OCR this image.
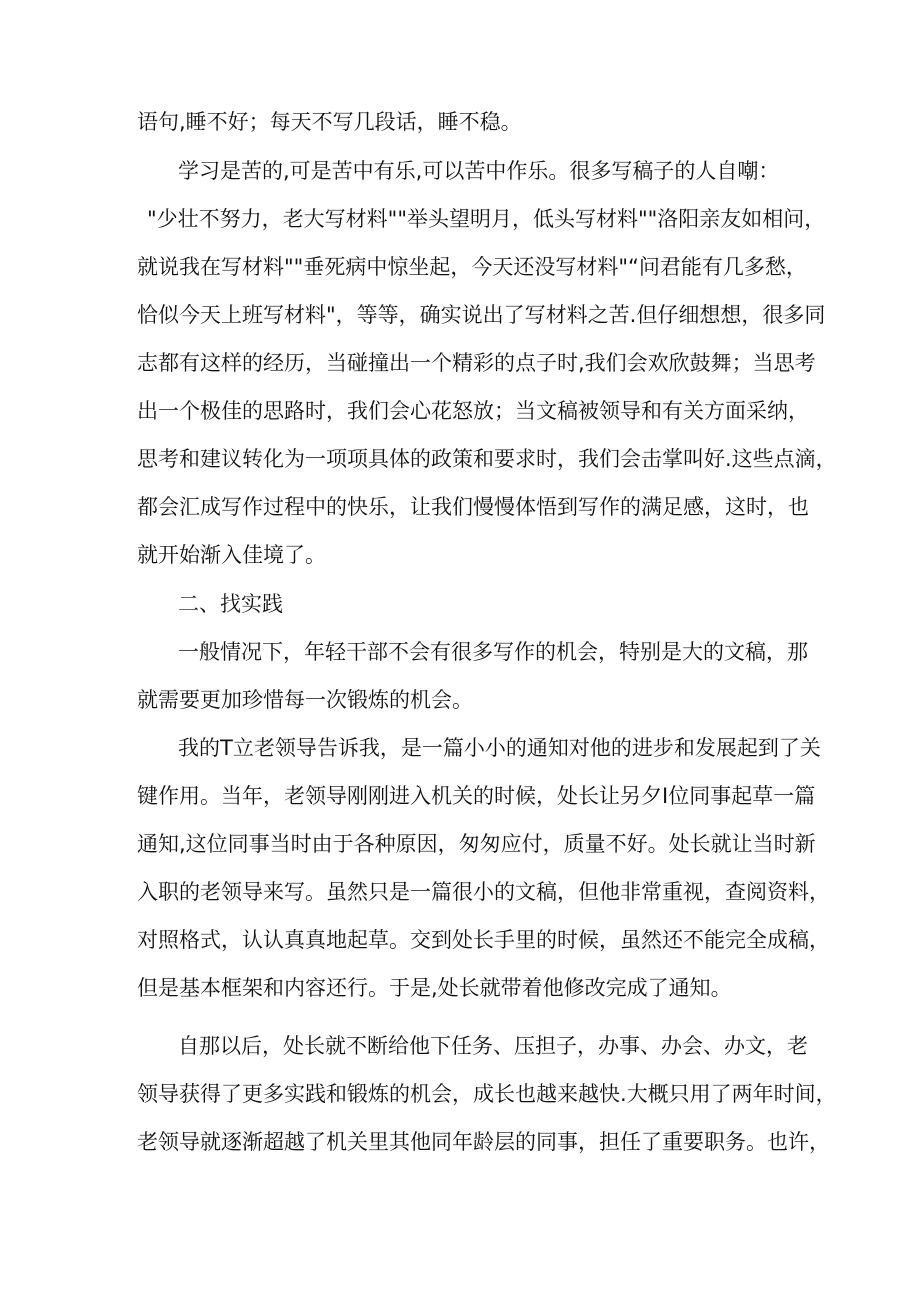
语句,睡不好；每天不写几段话，睡不稳。
学习是苦的,可是苦中有乐,可以苦中作乐。很多写稿子的人自嘲：
"少壮不努力，老大写材料""举头望明月，低头写材料""洛阳亲友如相问，
就说我在写材料""垂死病中惊坐起，今天还没写材料"“问君能有几多愁，
恰似今天上班写材料"，等等，确实说出了写材料之苦.但仔细想想，很多同
志都有这样的经历，当碰撞出一个精彩的点子时,我们会欢欣鼓舞；当思考
出一个极佳的思路时，我们会心花怒放；当文稿被领导和有关方面采纳，
思考和建议转化为一项项具体的政策和要求时，我们会击掌叫好.这些点滴，
都会汇成写作过程中的快乐，让我们慢慢体悟到写作的满足感，这时，也
就开始渐入佳境了。
二、找实践
一般情况下，年轻干部不会有很多写作的机会，特别是大的文稿，那
就需要更加珍惜每一次锻炼的机会。
我的T立老领导告诉我，是一篇小小的通知对他的进步和发展起到了关
键作用。当年，老领导刚刚进入机关的时候，处长让另夕I位同事起草一篇
通知,这位同事当时由于各种原因，匆匆应付，质量不好。处长就让当时新
入职的老领导来写。虽然只是一篇很小的文稿，但他非常重视，查阅资料，
对照格式，认认真真地起草。交到处长手里的时候，虽然还不能完全成稿，
但是基本框架和内容还行。于是,处长就带着他修改完成了通知。
自那以后，处长就不断给他下任务、压担子，办事、办会、办文，老
领导获得了更多实践和锻炼的机会，成长也越来越快.大概只用了两年时间，
老领导就逐渐超越了机关里其他同年龄层的同事，担任了重要职务。也许，
